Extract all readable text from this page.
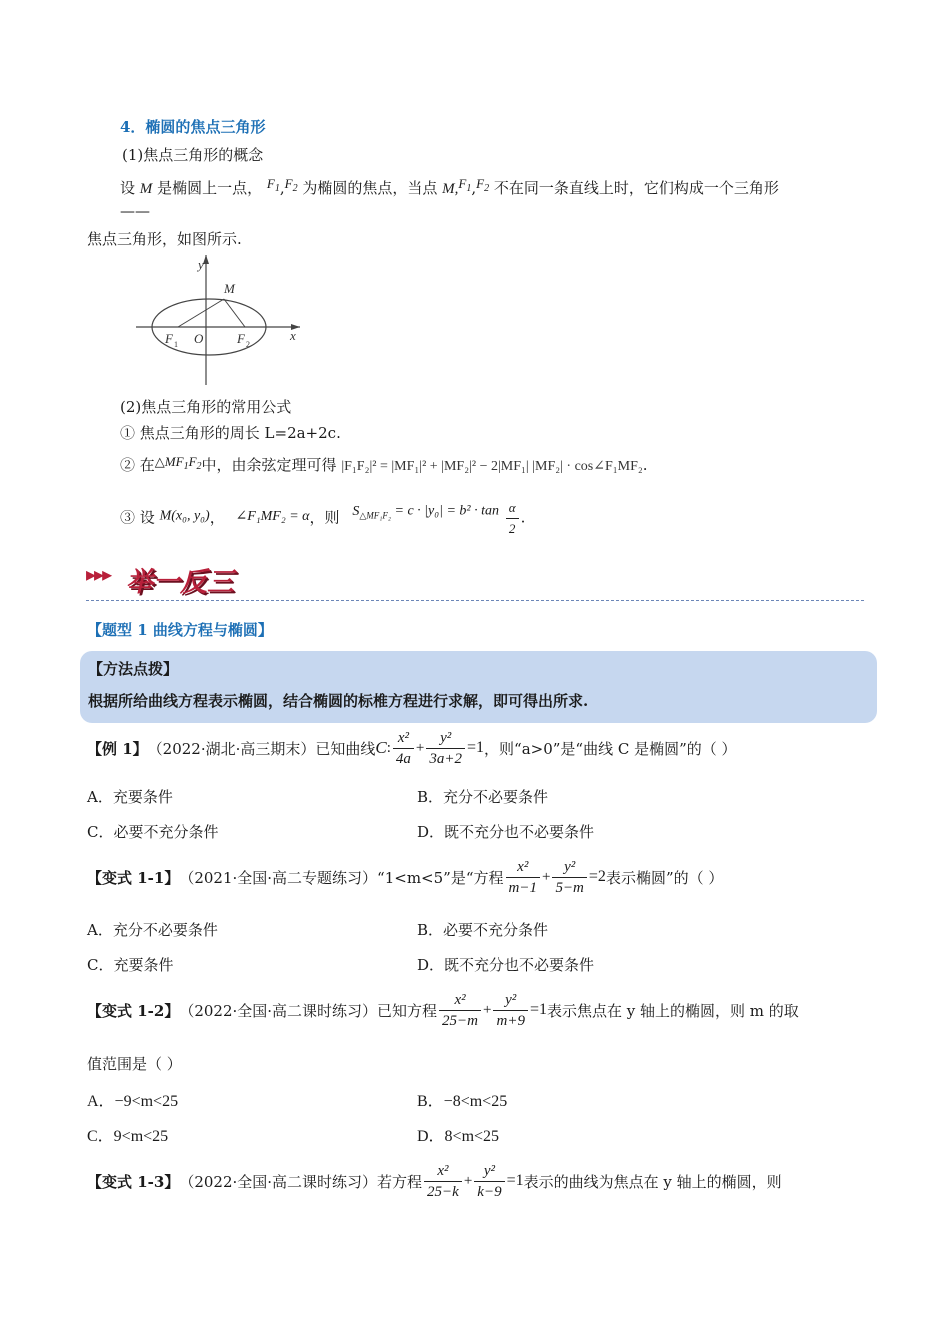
4．椭圆的焦点三角形
(1)焦点三角形的概念
设 M 是椭圆上一点， $F_1,F_2$ 为椭圆的焦点，当点 $M,F_1,F_2$ 不在同一条直线上时，它们构成一个三角形
——
焦点三角形，如图所示.
y
x
M
O
F 1	F 2
(2)焦点三角形的常用公式
① 焦点三角形的周长 L=2a+2c.
② 在$\triangle MF_1F_2$中，由余弦定理可得 |F₁F₂|² = |MF₁|² + |MF₂|² − 2|MF₁| |MF₂| · cos∠F₁MF₂.
③ 设 M(x₀, y₀)， ∠F₁MF₂ = α，则 $S^{\triangle MF_1F_2} = c \cdot |y_0| = b^2 \cdot \tan \frac{\alpha}{2}$ .
▸▸▸ 举一反三
【题型 1 曲线方程与椭圆】
【方法点拨】
根据所给曲线方程表示椭圆，结合椭圆的标椎方程进行求解，即可得出所求.
【例 1】 （2022·湖北·高三期末）已知曲线 C : $\frac{\text{x²}}{4a} + \frac{\text{y²}}{3a+2} =1$ ，则“a>0”是“曲线 C 是椭圆”的（ ）
A．充要条件	B．充分不必要条件
C．必要不充分条件	D．既不充分也不必要条件
【变式 1-1】 （2021·全国·高二专题练习）“1<m<5”是“方程 $\frac{\text{x²}}{m-1} + \frac{\text{y²}}{5-m} =2$ 表示椭圆”的（ ）
A．充分不必要条件	B．必要不充分条件
C．充要条件	D．既不充分也不必要条件
【变式 1-2】 （2022·全国·高二课时练习）已知方程 $\frac{\text{x²}}{25-m} + \frac{\text{y²}}{m+9} =1$ 表示焦点在 y 轴上的椭圆，则 m 的取
值范围是（ ）
A．−9<m<25	B．−8<m<25
C．9<m<25	D．8<m<25
【变式 1-3】 （2022·全国·高二课时练习）若方程 $\frac{\text{x²}}{25-k} + \frac{\text{y²}}{k-9} =1$ 表示的曲线为焦点在 y 轴上的椭圆，则
